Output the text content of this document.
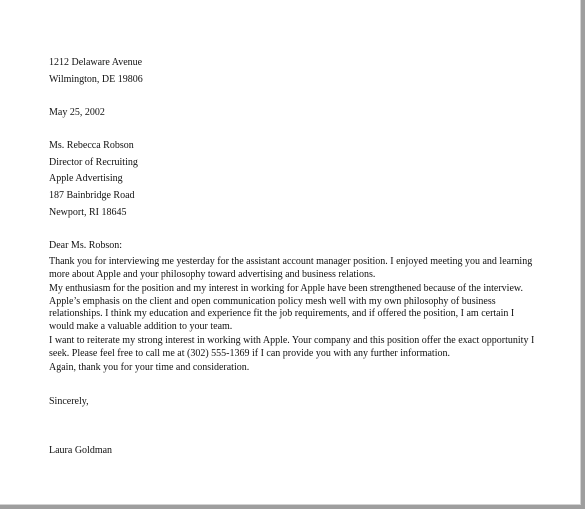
1212 Delaware Avenue
Wilmington, DE 19806
May 25, 2002
Ms. Rebecca Robson
Director of Recruiting
Apple Advertising
187 Bainbridge Road
Newport, RI 18645
Dear Ms. Robson:
Thank you for interviewing me yesterday for the assistant account manager position. I enjoyed meeting you and learning
more about Apple and your philosophy toward advertising and business relations.
My enthusiasm for the position and my interest in working for Apple have been strengthened because of the interview.
Apple’s emphasis on the client and open communication policy mesh well with my own philosophy of business
relationships. I think my education and experience fit the job requirements, and if offered the position, I am certain I
would make a valuable addition to your team.
I want to reiterate my strong interest in working with Apple. Your company and this position offer the exact opportunity I
seek. Please feel free to call me at (302) 555-1369 if I can provide you with any further information.
Again, thank you for your time and consideration.
Sincerely,
Laura Goldman
